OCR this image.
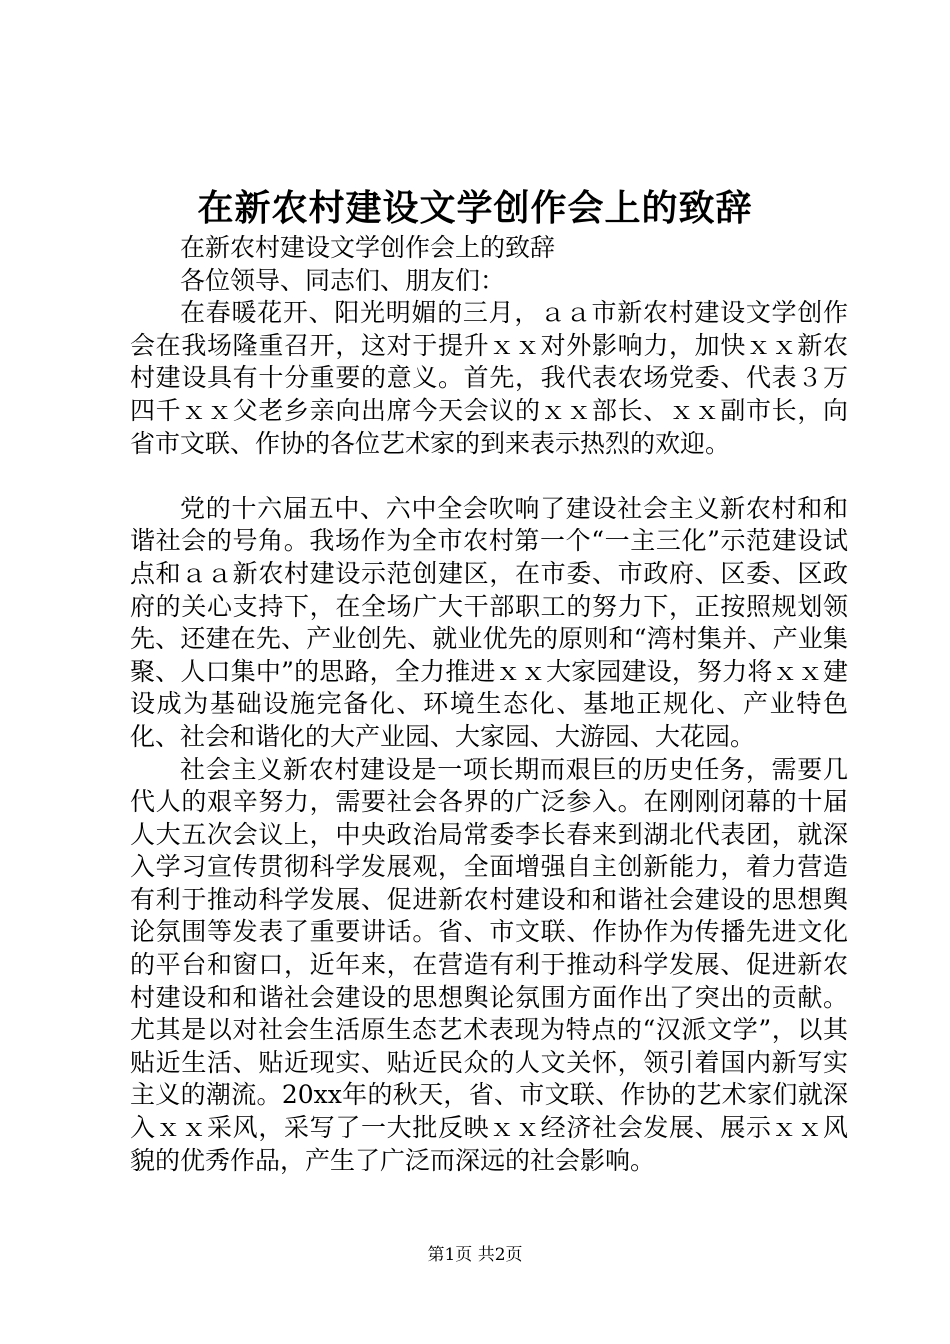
在新农村建设文学创作会上的致辞

在新农村建设文学创作会上的致辞

各位领导、同志们、朋友们：

在春暖花开、阳光明媚的三月，ａａ市新农村建设文学创作会在我场隆重召开，这对于提升ｘｘ对外影响力，加快ｘｘ新农村建设具有十分重要的意义。首先，我代表农场党委、代表３万四千ｘｘ父老乡亲向出席今天会议的ｘｘ部长、ｘｘ副市长，向省市文联、作协的各位艺术家的到来表示热烈的欢迎。

党的十六届五中、六中全会吹响了建设社会主义新农村和和谐社会的号角。我场作为全市农村第一个“一主三化”示范建设试点和ａａ新农村建设示范创建区，在市委、市政府、区委、区政府的关心支持下，在全场广大干部职工的努力下，正按照规划领先、还建在先、产业创先、就业优先的原则和“湾村集并、产业集聚、人口集中”的思路，全力推进ｘｘ大家园建设，努力将ｘｘ建设成为基础设施完备化、环境生态化、基地正规化、产业特色化、社会和谐化的大产业园、大家园、大游园、大花园。

社会主义新农村建设是一项长期而艰巨的历史任务，需要几代人的艰辛努力，需要社会各界的广泛参入。在刚刚闭幕的十届人大五次会议上，中央政治局常委李长春来到湖北代表团，就深入学习宣传贯彻科学发展观，全面增强自主创新能力，着力营造有利于推动科学发展、促进新农村建设和和谐社会建设的思想舆论氛围等发表了重要讲话。省、市文联、作协作为传播先进文化的平台和窗口，近年来，在营造有利于推动科学发展、促进新农村建设和和谐社会建设的思想舆论氛围方面作出了突出的贡献。尤其是以对社会生活原生态艺术表现为特点的“汉派文学”，以其贴近生活、贴近现实、贴近民众的人文关怀，领引着国内新写实主义的潮流。20xx年的秋天，省、市文联、作协的艺术家们就深入ｘｘ采风，采写了一大批反映ｘｘ经济社会发展、展示ｘｘ风貌的优秀作品，产生了广泛而深远的社会影响。

第1页 共2页
